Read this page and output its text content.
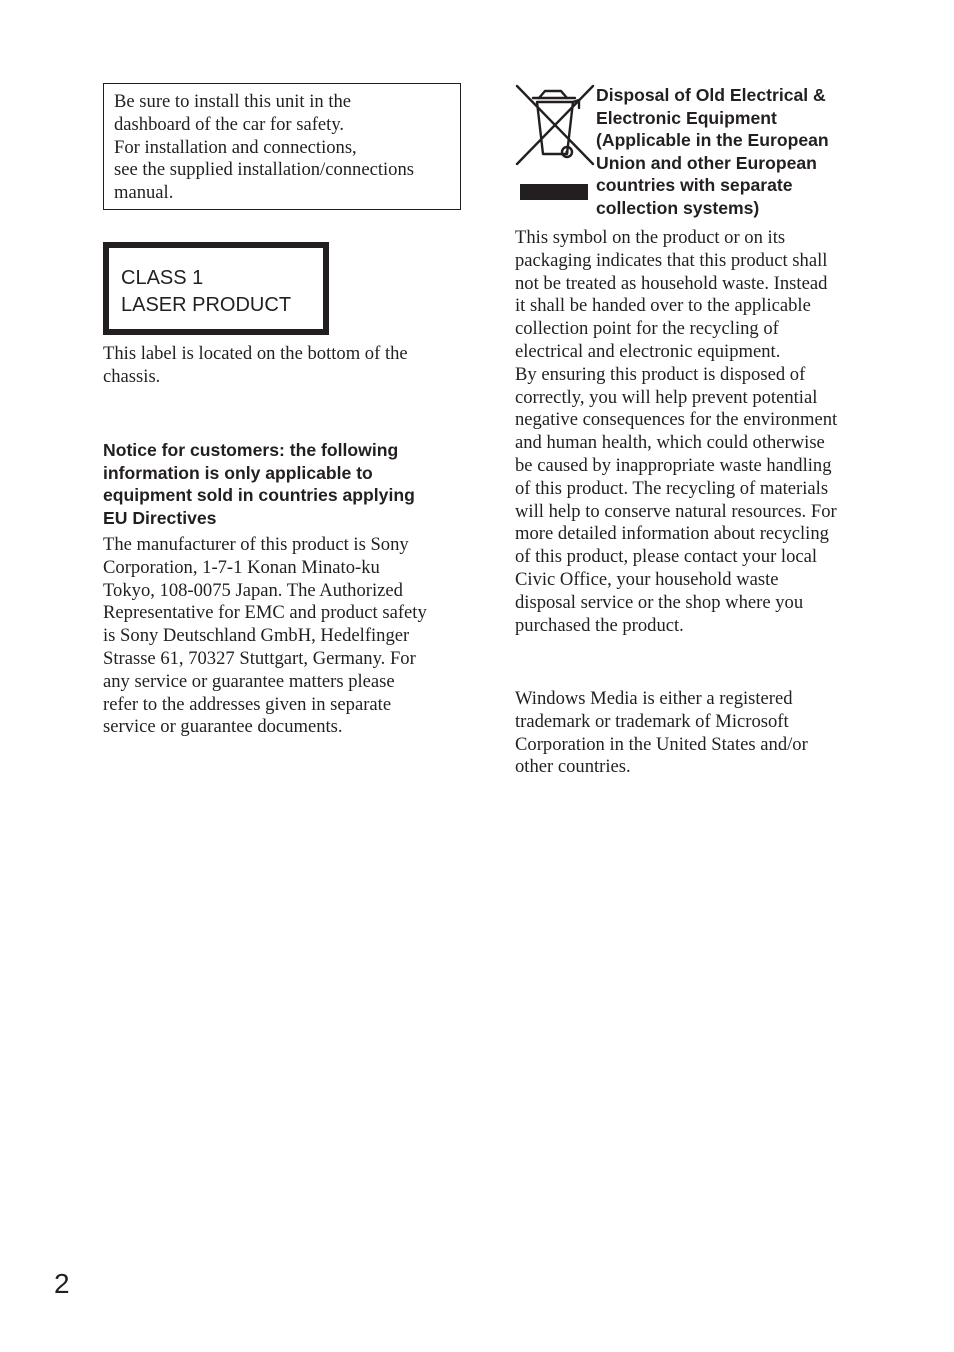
Be sure to install this unit in the
dashboard of the car for safety.
For installation and connections,
see the supplied installation/connections
manual.
CLASS 1
LASER PRODUCT
This label is located on the bottom of the
chassis.
Notice for customers: the following
information is only applicable to
equipment sold in countries applying
EU Directives
The manufacturer of this product is Sony
Corporation, 1-7-1 Konan Minato-ku
Tokyo, 108-0075 Japan. The Authorized
Representative for EMC and product safety
is Sony Deutschland GmbH, Hedelfinger
Strasse 61, 70327 Stuttgart, Germany. For
any service or guarantee matters please
refer to the addresses given in separate
service or guarantee documents.
Disposal of Old Electrical &
Electronic Equipment
(Applicable in the European
Union and other European
countries with separate
collection systems)
This symbol on the product or on its
packaging indicates that this product shall
not be treated as household waste. Instead
it shall be handed over to the applicable
collection point for the recycling of
electrical and electronic equipment.
By ensuring this product is disposed of
correctly, you will help prevent potential
negative consequences for the environment
and human health, which could otherwise
be caused by inappropriate waste handling
of this product. The recycling of materials
will help to conserve natural resources. For
more detailed information about recycling
of this product, please contact your local
Civic Office, your household waste
disposal service or the shop where you
purchased the product.
Windows Media is either a registered
trademark or trademark of Microsoft
Corporation in the United States and/or
other countries.
2
